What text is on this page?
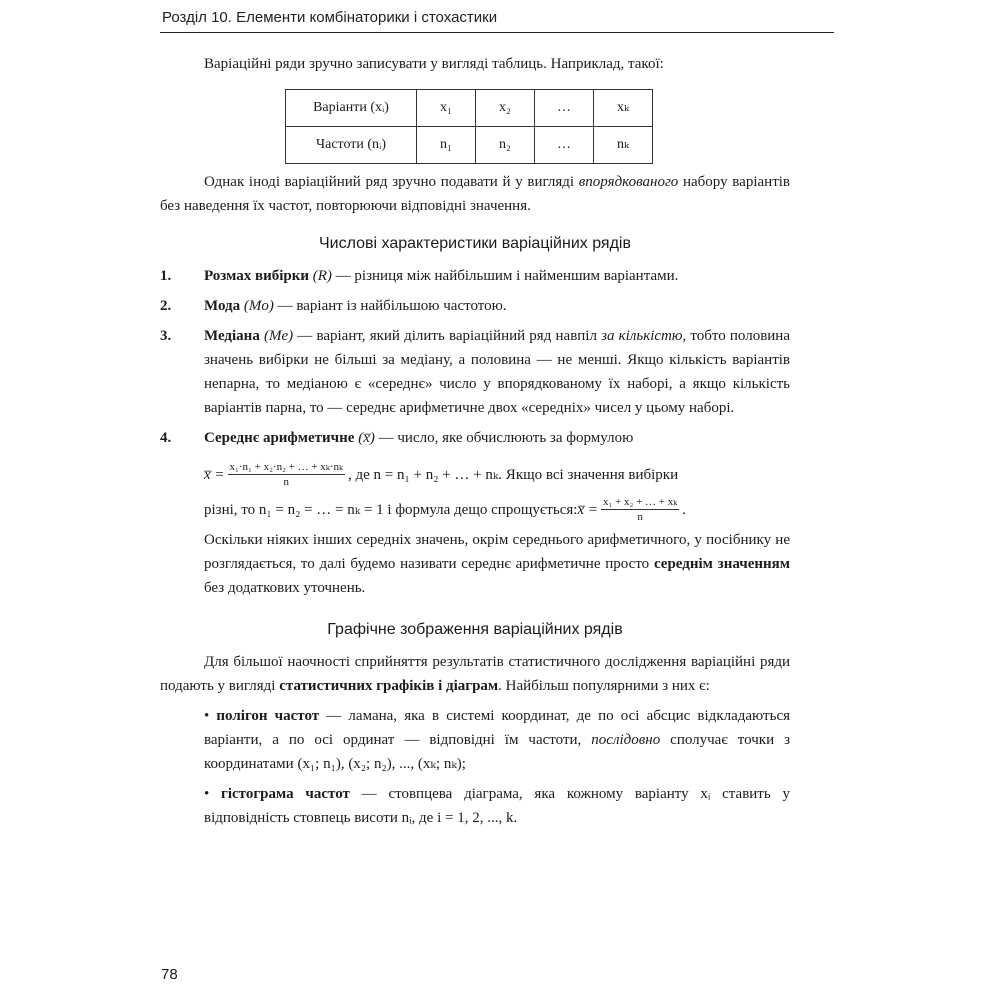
Розділ 10. Елементи комбінаторики і стохастики

Варіаційні ряди зручно записувати у вигляді таблиць. Наприклад, такої:

Варіанти (xᵢ)	x₁	x₂	…	xₖ
Частоти (nᵢ)	n₁	n₂	…	nₖ

Однак іноді варіаційний ряд зручно подавати й у вигляді впорядкованого набору варіантів без наведення їх частот, повторюючи відповідні значення.

Числові характеристики варіаційних рядів
1.	Розмах вибірки (R) — різниця між найбільшим і найменшим варіантами.
2.	Мода (Mo) — варіант із найбільшою частотою.
3.	Медіана (Me) — варіант, який ділить варіаційний ряд навпіл за кількістю, тобто половина значень вибірки не більші за медіану, а половина — не менші. Якщо кількість варіантів непарна, то медіаною є «середнє» число у впорядкованому їх наборі, а якщо кількість варіантів парна, то — середнє арифметичне двох «середніх» чисел у цьому наборі.
4.	Середнє арифметичне (x̅) — число, яке обчислюють за формулою
x̅ = $\frac{\text{x₁·n₁ + x₂·n₂ + … + xₖ·nₖ}}{n}$ , де n = n₁ + n₂ + … + nₖ. Якщо всі значення вибірки
різні, то n₁ = n₂ = … = nₖ = 1 і формула дещо спрощується: x̅ = $\frac{\text{x₁ + x₂ + … + xₖ}}{n}$ .

Оскільки ніяких інших середніх значень, окрім середнього арифметичного, у посібнику не розглядається, то далі будемо називати середнє арифметичне просто середнім значенням без додаткових уточнень.

Графічне зображення варіаційних рядів

Для більшої наочності сприйняття результатів статистичного дослідження варіаційні ряди подають у вигляді статистичних графіків і діаграм. Найбільш популярними з них є:

• полігон частот — ламана, яка в системі координат, де по осі абсцис відкладаються варіанти, а по осі ординат — відповідні їм частоти, послідовно сполучає точки з координатами (x₁; n₁), (x₂; n₂), ..., (xₖ; nₖ);

• гістограма частот — стовпцева діаграма, яка кожному варіанту xᵢ ставить у відповідність стовпець висоти nᵢ, де i = 1, 2, ..., k.

78
